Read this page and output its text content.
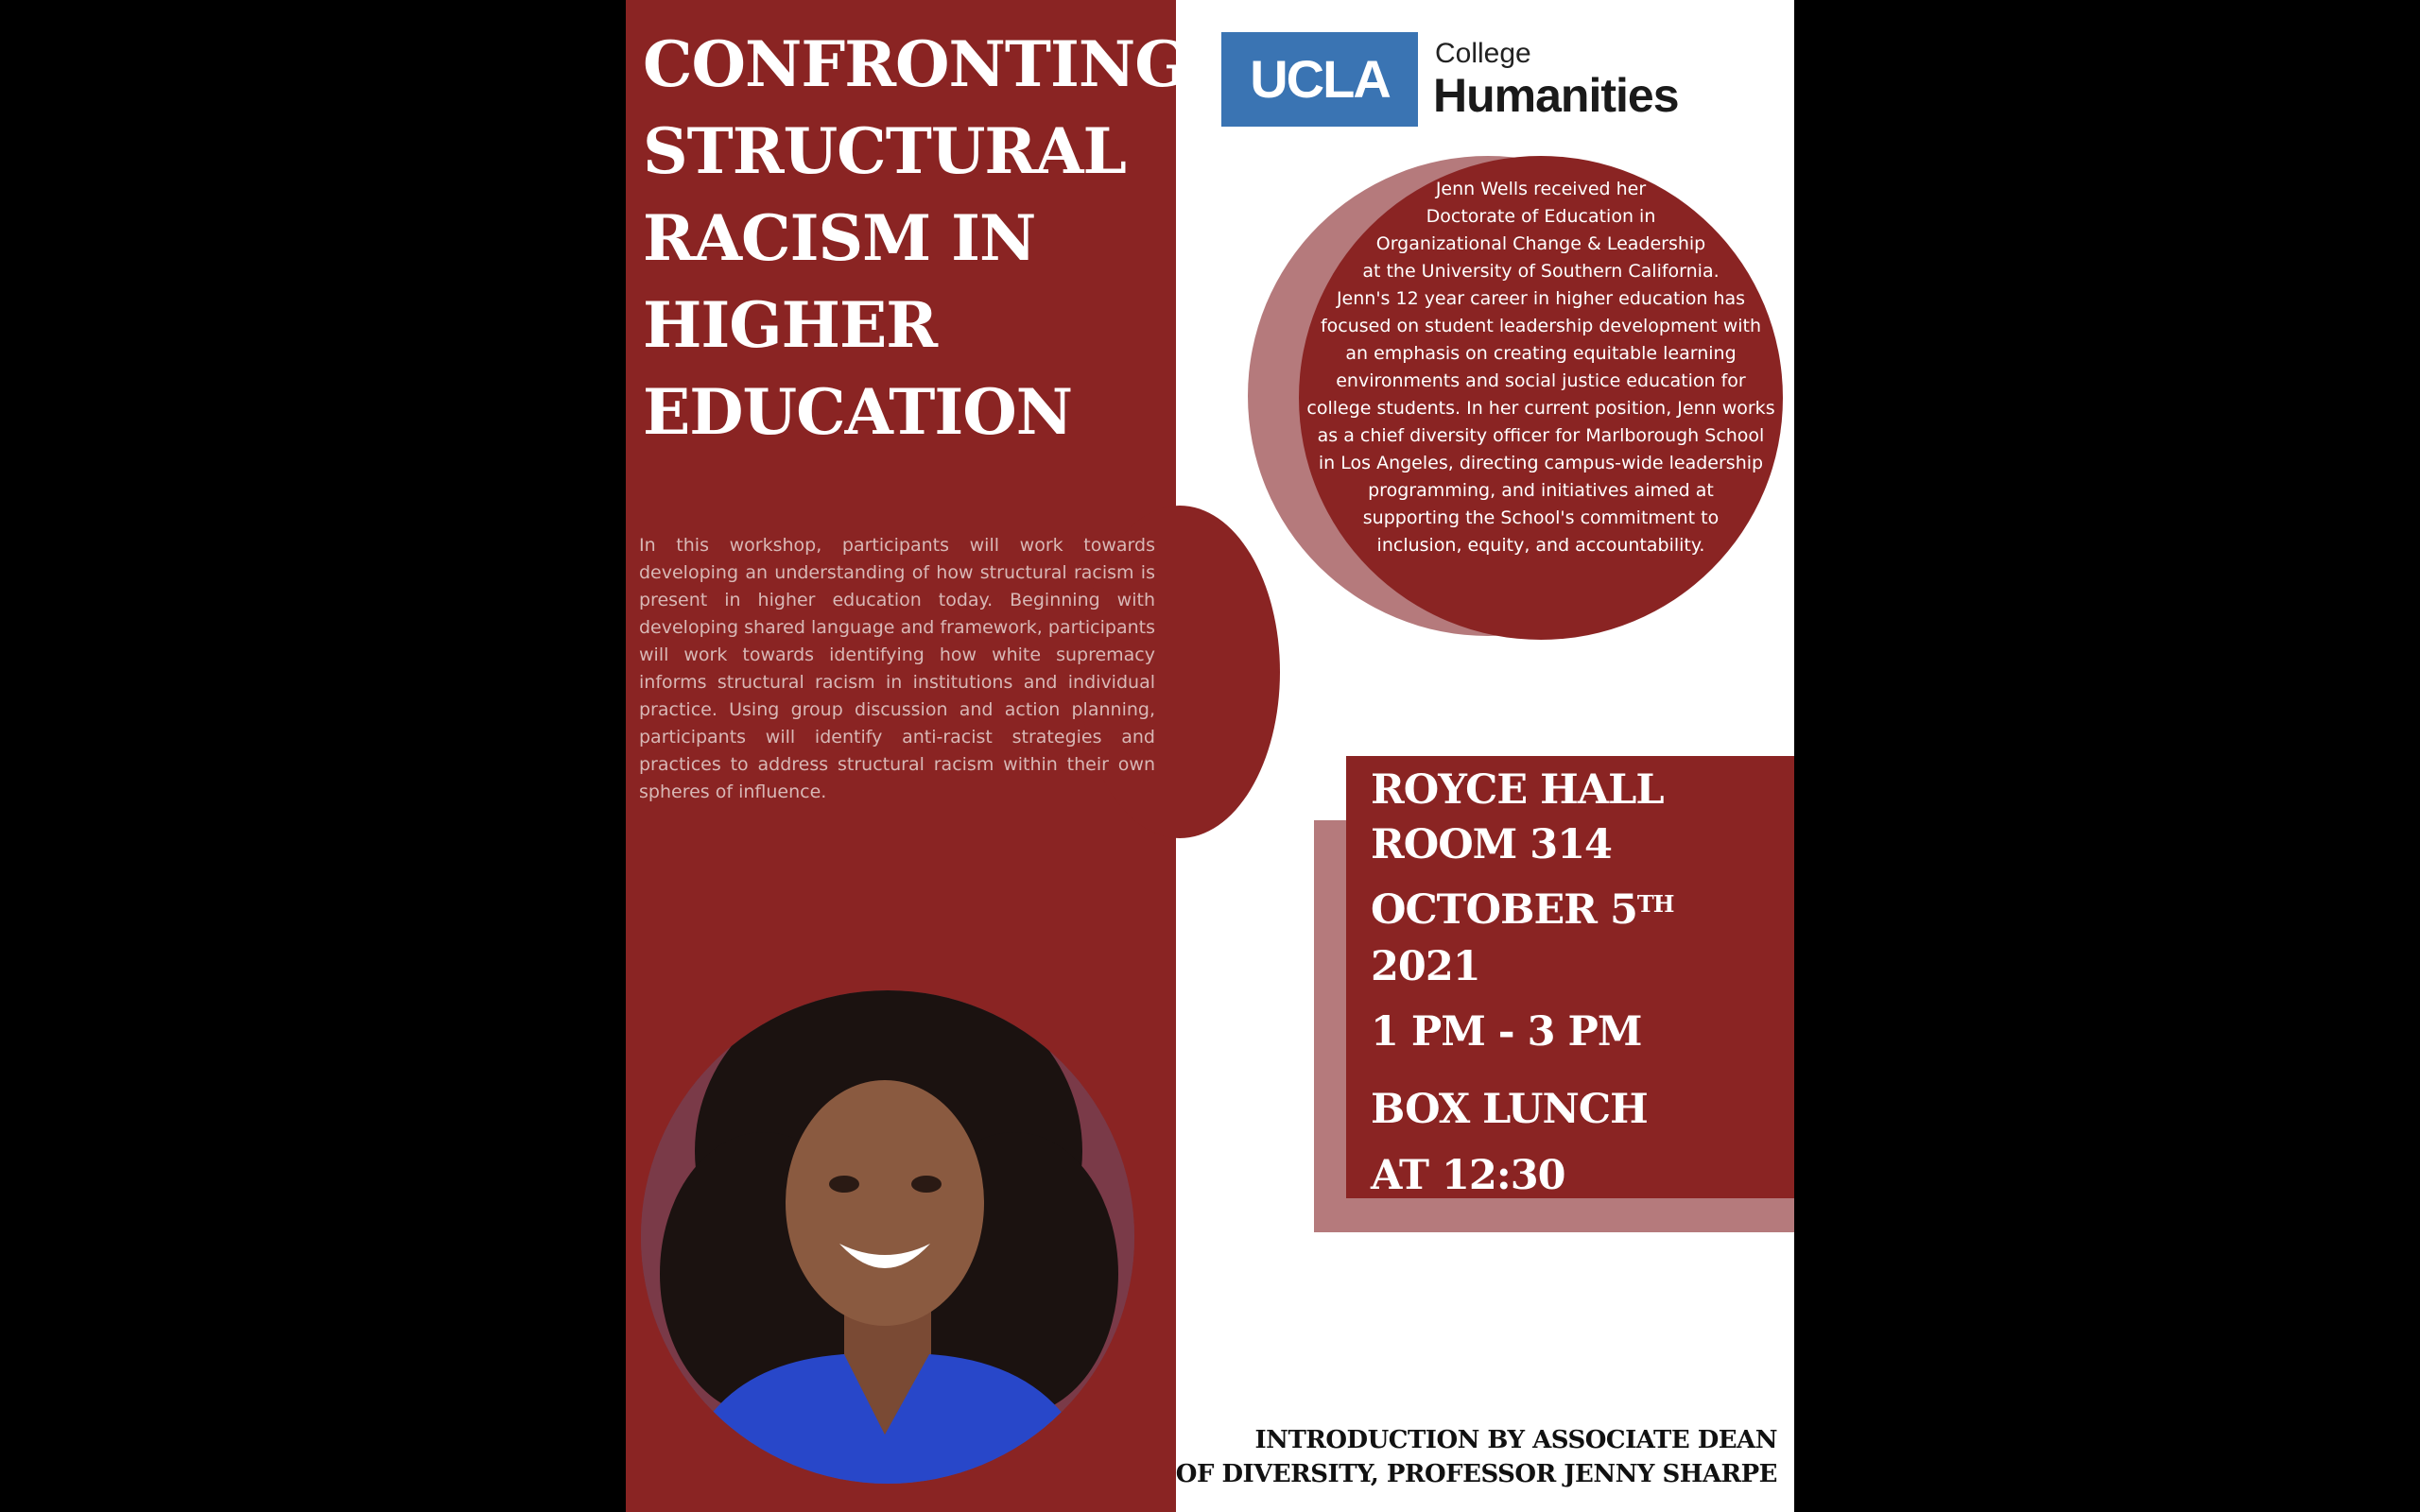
CONFRONTING
STRUCTURAL
RACISM IN
HIGHER
EDUCATION

In this workshop, participants will work towards developing an understanding of how structural racism is present in higher education today. Beginning with developing shared language and framework, participants will work towards identifying how white supremacy informs structural racism in institutions and individual practice. Using group discussion and action planning, participants will identify anti-racist strategies and practices to address structural racism within their own spheres of influence.

UCLA	College
Humanities

Jenn Wells received her
Doctorate of Education in
Organizational Change & Leadership
at the University of Southern California.
Jenn's 12 year career in higher education has
focused on student leadership development with
an emphasis on creating equitable learning
environments and social justice education for
college students. In her current position, Jenn works
as a chief diversity officer for Marlborough School
in Los Angeles, directing campus-wide leadership
programming, and initiatives aimed at
supporting the School's commitment to
inclusion, equity, and accountability.

ROYCE HALL

ROOM 314

OCTOBER 5TH

2021

1 PM - 3 PM

BOX LUNCH

AT 12:30

INTRODUCTION BY ASSOCIATE DEAN
OF DIVERSITY, PROFESSOR JENNY SHARPE
